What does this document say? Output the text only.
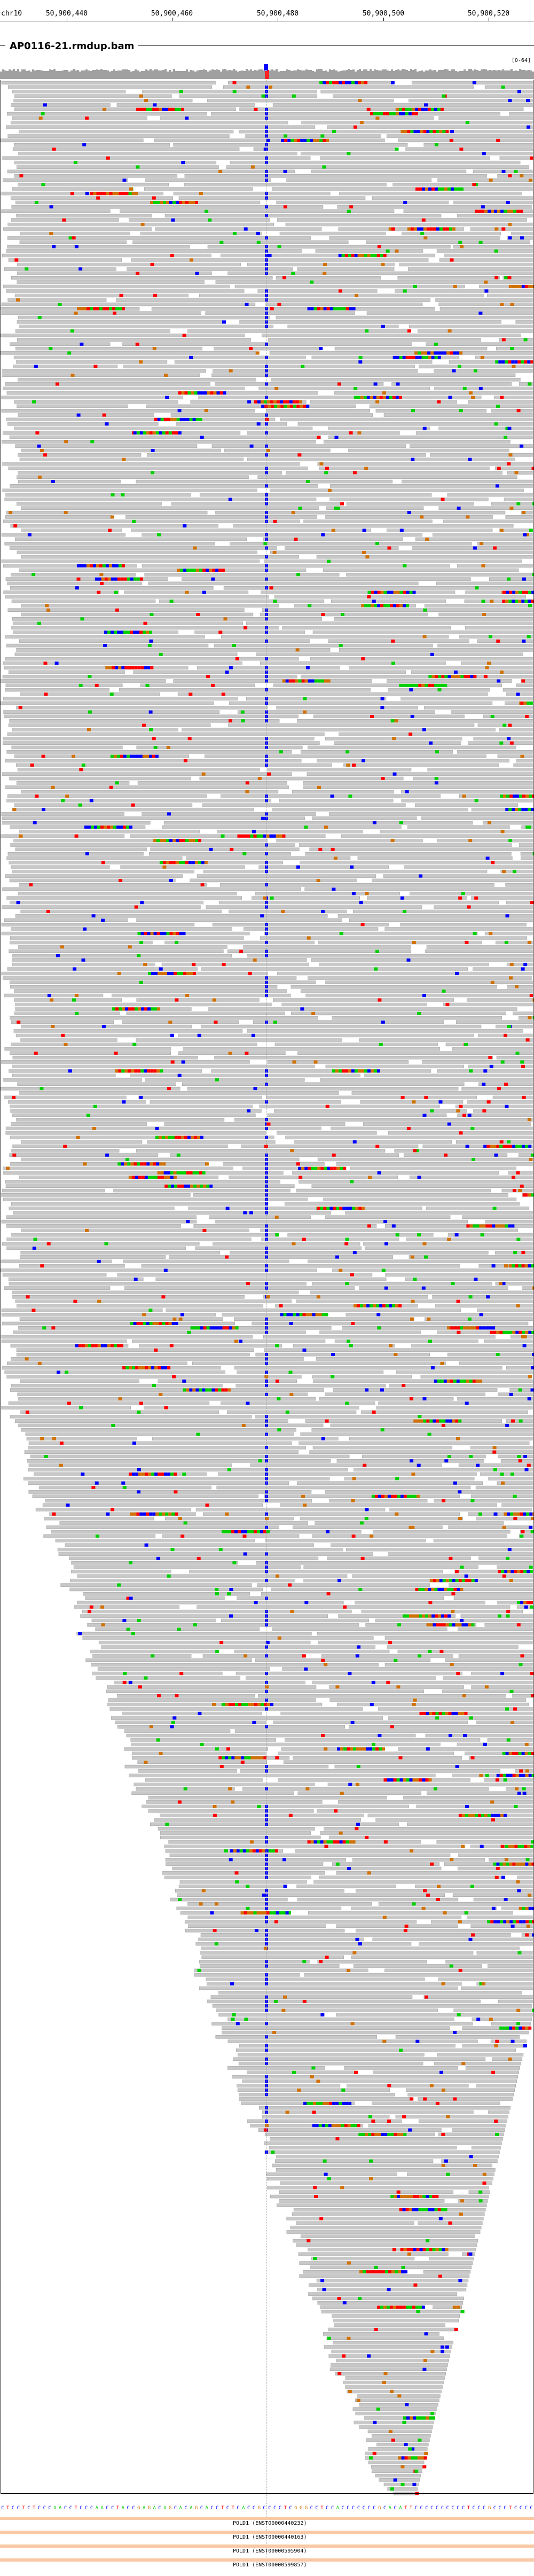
chr10	50,900,440	50,900,460	50,900,480	50,900,500	50,900,520
AP0116-21.rmdup.bam
[0-64]
C T C C T C T C C C A A C C T C C C A A C C T A C C G A G A C A G C A C A G C A C C T C T C A C C G C C C C T C G G G C C T C C A C C C C C C C G C A C A T T C C C C C C C C C C T C C C G C C C T C C C C
POLD1 (ENST00000440232)
POLD1 (ENST00000440163)
POLD1 (ENST00000595904)
POLD1 (ENST00000599857)
